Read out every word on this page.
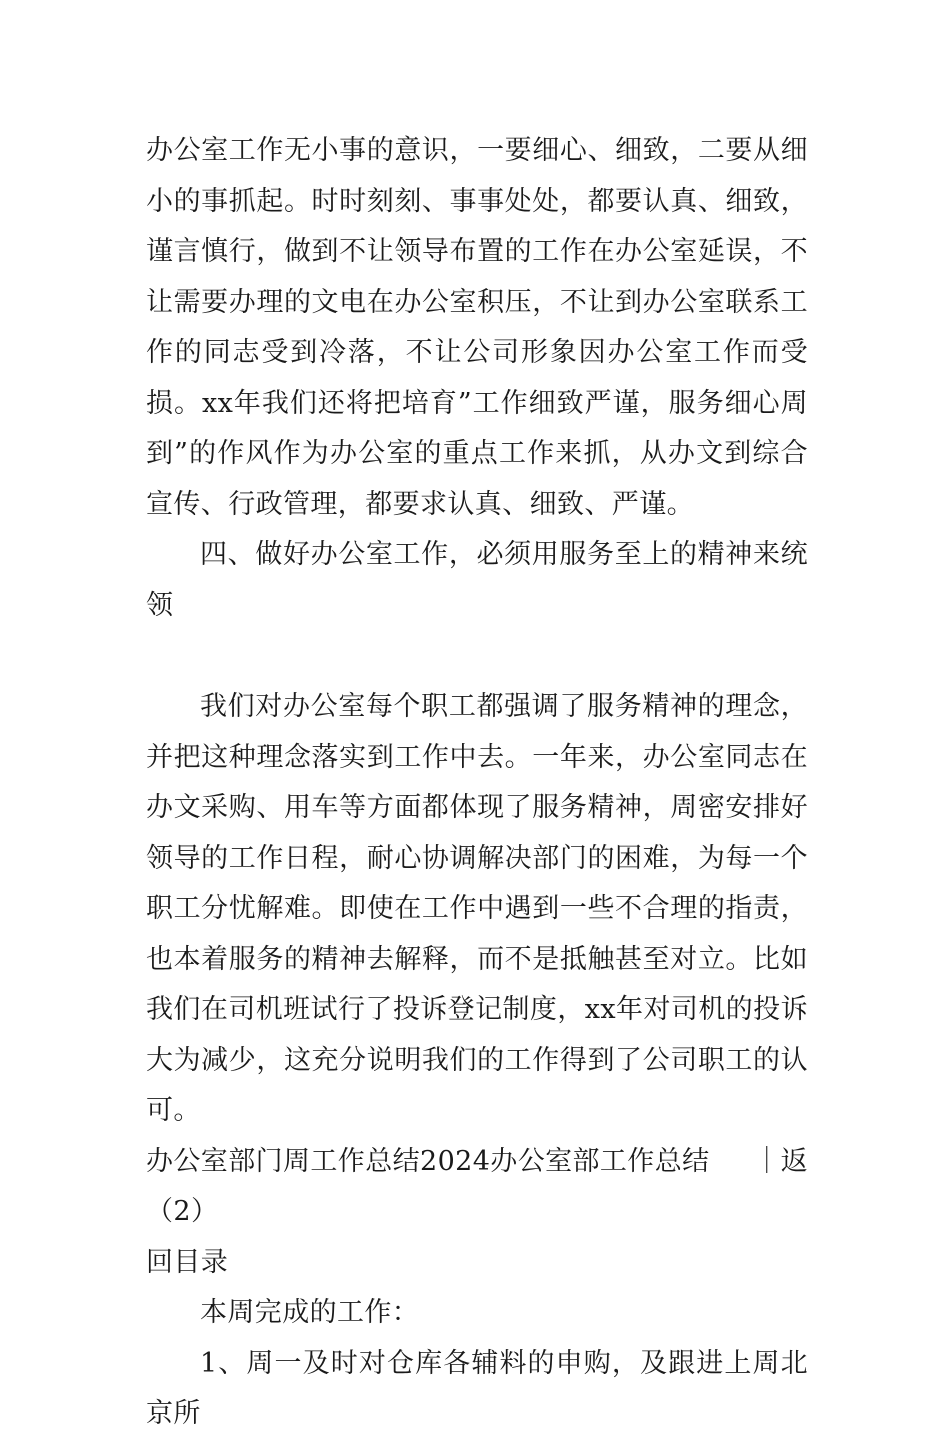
办公室工作无小事的意识，一要细心、细致，二要从细小的事抓起。时时刻刻、事事处处，都要认真、细致，谨言慎行，做到不让领导布置的工作在办公室延误，不让需要办理的文电在办公室积压，不让到办公室联系工作的同志受到冷落，不让公司形象因办公室工作而受损。xx年我们还将把培育”工作细致严谨，服务细心周到”的作风作为办公室的重点工作来抓，从办文到综合宣传、行政管理，都要求认真、细致、严谨。

四、做好办公室工作，必须用服务至上的精神来统领

我们对办公室每个职工都强调了服务精神的理念，并把这种理念落实到工作中去。一年来，办公室同志在办文采购、用车等方面都体现了服务精神，周密安排好领导的工作日程，耐心协调解决部门的困难，为每一个职工分忧解难。即使在工作中遇到一些不合理的指责，也本着服务的精神去解释，而不是抵触甚至对立。比如我们在司机班试行了投诉登记制度，xx年对司机的投诉大为减少，这充分说明我们的工作得到了公司职工的认可。

办公室部门周工作总结2024办公室部工作总结（2）
｜ 返

回目录

本周完成的工作：

1、周一及时对仓库各辅料的申购，及跟进上周北京所
